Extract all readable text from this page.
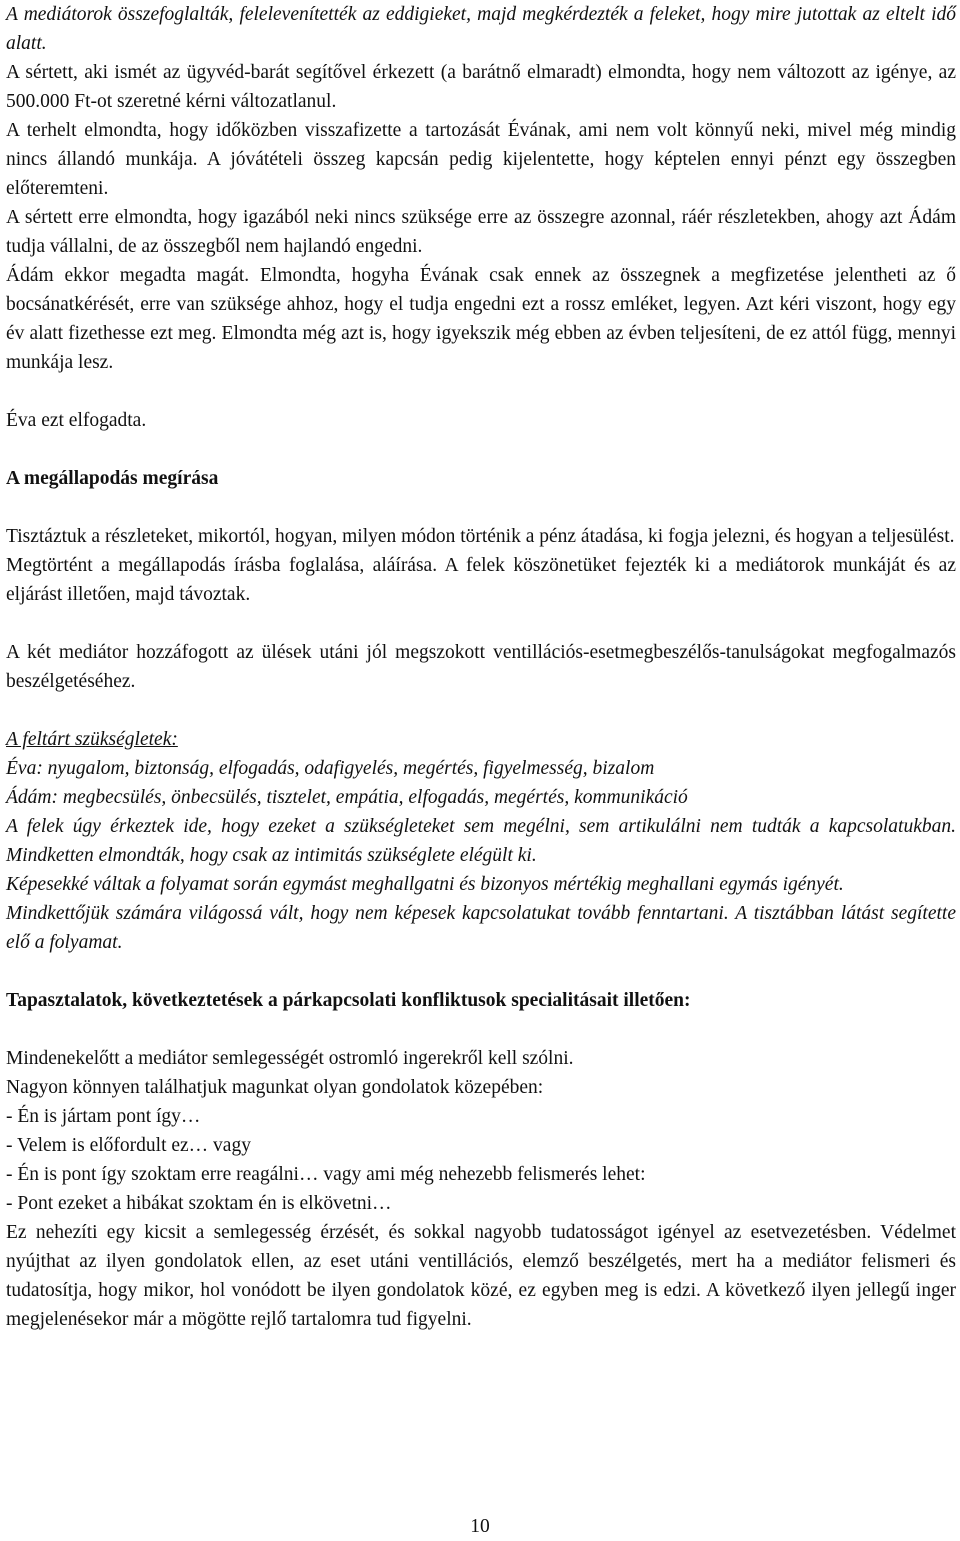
A mediátorok összefoglalták, felelevenítették az eddigieket, majd megkérdezték a feleket, hogy mire jutottak az eltelt idő alatt.

A sértett, aki ismét az ügyvéd-barát segítővel érkezett (a barátnő elmaradt) elmondta, hogy nem változott az igénye, az 500.000 Ft-ot szeretné kérni változatlanul.

A terhelt elmondta, hogy időközben visszafizette a tartozását Évának, ami nem volt könnyű neki, mivel még mindig nincs állandó munkája. A jóvátételi összeg kapcsán pedig kijelentette, hogy képtelen ennyi pénzt egy összegben előteremteni.

A sértett erre elmondta, hogy igazából neki nincs szüksége erre az összegre azonnal, ráér részletekben, ahogy azt Ádám tudja vállalni, de az összegből nem hajlandó engedni.

Ádám ekkor megadta magát. Elmondta, hogyha Évának csak ennek az összegnek a megfizetése jelentheti az ő bocsánatkérését, erre van szüksége ahhoz, hogy el tudja engedni ezt a rossz emléket, legyen. Azt kéri viszont, hogy egy év alatt fizethesse ezt meg. Elmondta még azt is, hogy igyekszik még ebben az évben teljesíteni, de ez attól függ, mennyi munkája lesz.

Éva ezt elfogadta.

A megállapodás megírása

Tisztáztuk a részleteket, mikortól, hogyan, milyen módon történik a pénz átadása, ki fogja jelezni, és hogyan a teljesülést.

Megtörtént a megállapodás írásba foglalása, aláírása. A felek köszönetüket fejezték ki a mediátorok munkáját és az eljárást illetően, majd távoztak.

A két mediátor hozzáfogott az ülések utáni jól megszokott ventillációs-esetmegbeszélős-tanulságokat megfogalmazós beszélgetéséhez.

A feltárt szükségletek:

Éva: nyugalom, biztonság, elfogadás, odafigyelés, megértés, figyelmesség, bizalom

Ádám: megbecsülés, önbecsülés, tisztelet, empátia, elfogadás, megértés, kommunikáció

A felek úgy érkeztek ide, hogy ezeket a szükségleteket sem megélni, sem artikulálni nem tudták a kapcsolatukban. Mindketten elmondták, hogy csak az intimitás szükséglete elégült ki.

Képesekké váltak a folyamat során egymást meghallgatni és bizonyos mértékig meghallani egymás igényét.

Mindkettőjük számára világossá vált, hogy nem képesek kapcsolatukat tovább fenntartani. A tisztábban látást segítette elő a folyamat.

Tapasztalatok, következtetések a párkapcsolati konfliktusok specialitásait illetően:

Mindenekelőtt a mediátor semlegességét ostromló ingerekről kell szólni.

Nagyon könnyen találhatjuk magunkat olyan gondolatok közepében:

- Én is jártam pont így…

- Velem is előfordult ez… vagy

- Én is pont így szoktam erre reagálni… vagy ami még nehezebb felismerés lehet:

- Pont ezeket a hibákat szoktam én is elkövetni…

Ez nehezíti egy kicsit a semlegesség érzését, és sokkal nagyobb tudatosságot igényel az esetvezetésben. Védelmet nyújthat az ilyen gondolatok ellen, az eset utáni ventillációs, elemző beszélgetés, mert ha a mediátor felismeri és tudatosítja, hogy mikor, hol vonódott be ilyen gondolatok közé, ez egyben meg is edzi. A következő ilyen jellegű inger megjelenésekor már a mögötte rejlő tartalomra tud figyelni.

10
